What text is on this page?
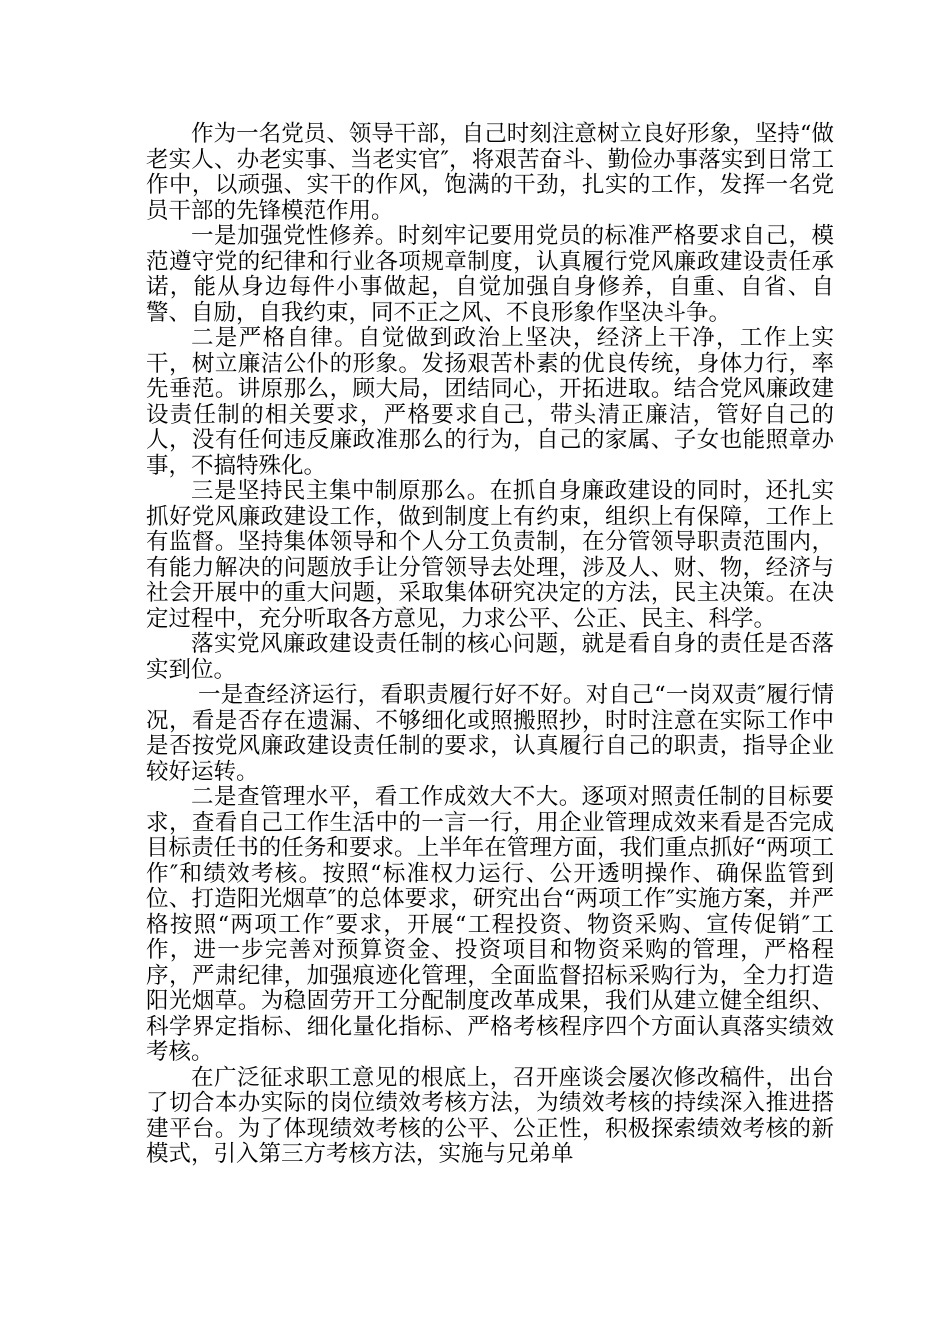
作为一名党员、领导干部，自己时刻注意树立良好形象，坚持“做老实人、办老实事、当老实官″，将艰苦奋斗、勤俭办事落实到日常工作中，以顽强、实干的作风，饱满的干劲，扎实的工作，发挥一名党员干部的先锋模范作用。

一是加强党性修养。时刻牢记要用党员的标准严格要求自己，模范遵守党的纪律和行业各项规章制度，认真履行党风廉政建设责任承诺，能从身边每件小事做起，自觉加强自身修养，自重、自省、自警、自励，自我约束，同不正之风、不良形象作坚决斗争。

二是严格自律。自觉做到政治上坚决，经济上干净，工作上实干，树立廉洁公仆的形象。发扬艰苦朴素的优良传统，身体力行，率先垂范。讲原那么，顾大局，团结同心，开拓进取。结合党风廉政建设责任制的相关要求，严格要求自己，带头清正廉洁，管好自己的人，没有任何违反廉政准那么的行为，自己的家属、子女也能照章办事，不搞特殊化。

三是坚持民主集中制原那么。在抓自身廉政建设的同时，还扎实抓好党风廉政建设工作，做到制度上有约束，组织上有保障，工作上有监督。坚持集体领导和个人分工负责制，在分管领导职责范围内，有能力解决的问题放手让分管领导去处理，涉及人、财、物，经济与社会开展中的重大问题，采取集体研究决定的方法，民主决策。在决定过程中，充分听取各方意见，力求公平、公正、民主、科学。

落实党风廉政建设责任制的核心问题，就是看自身的责任是否落实到位。

一是查经济运行，看职责履行好不好。对自己“一岗双责″履行情况，看是否存在遗漏、不够细化或照搬照抄，时时注意在实际工作中是否按党风廉政建设责任制的要求，认真履行自己的职责，指导企业较好运转。

二是查管理水平，看工作成效大不大。逐项对照责任制的目标要求，查看自己工作生活中的一言一行，用企业管理成效来看是否完成目标责任书的任务和要求。上半年在管理方面，我们重点抓好“两项工作″和绩效考核。按照“标准权力运行、公开透明操作、确保监管到位、打造阳光烟草″的总体要求，研究出台“两项工作″实施方案，并严格按照“两项工作″要求，开展“工程投资、物资采购、宣传促销″工作，进一步完善对预算资金、投资项目和物资采购的管理，严格程序，严肃纪律，加强痕迹化管理，全面监督招标采购行为，全力打造阳光烟草。为稳固劳开工分配制度改革成果，我们从建立健全组织、科学界定指标、细化量化指标、严格考核程序四个方面认真落实绩效考核。

在广泛征求职工意见的根底上，召开座谈会屡次修改稿件，出台了切合本办实际的岗位绩效考核方法，为绩效考核的持续深入推进搭建平台。为了体现绩效考核的公平、公正性，积极探索绩效考核的新模式，引入第三方考核方法，实施与兄弟单
